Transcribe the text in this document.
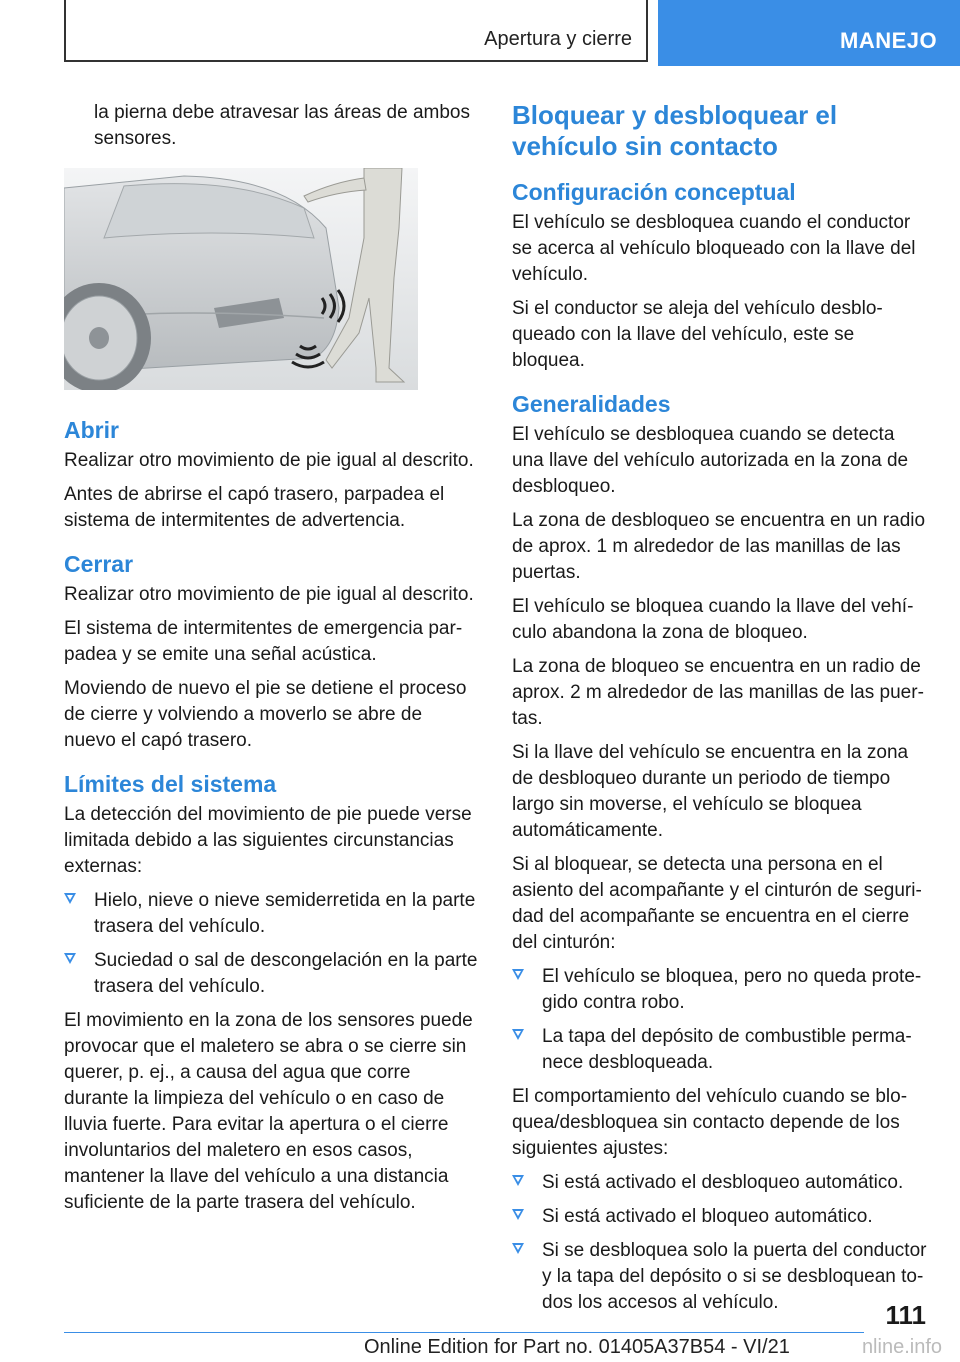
Apertura y cierre	MANEJO

la pierna debe atravesar las áreas de ambos sensores.

Abrir

Realizar otro movimiento de pie igual al descrito.

Antes de abrirse el capó trasero, parpadea el sistema de intermitentes de advertencia.

Cerrar

Realizar otro movimiento de pie igual al descrito.

El sistema de intermitentes de emergencia parpadea y se emite una señal acústica.

Moviendo de nuevo el pie se detiene el proceso de cierre y volviendo a moverlo se abre de nuevo el capó trasero.

Límites del sistema

La detección del movimiento de pie puede verse limitada debido a las siguientes circunstancias externas:

Hielo, nieve o nieve semiderretida en la parte trasera del vehículo.
Suciedad o sal de descongelación en la parte trasera del vehículo.

El movimiento en la zona de los sensores puede provocar que el maletero se abra o se cierre sin querer, p. ej., a causa del agua que corre durante la limpieza del vehículo o en caso de lluvia fuerte. Para evitar la apertura o el cierre involuntarios del maletero en esos casos, mantener la llave del vehículo a una distancia suficiente de la parte trasera del vehículo.

Bloquear y desbloquear el vehículo sin contacto
Configuración conceptual

El vehículo se desbloquea cuando el conductor se acerca al vehículo bloqueado con la llave del vehículo.

Si el conductor se aleja del vehículo desbloqueado con la llave del vehículo, este se bloquea.

Generalidades

El vehículo se desbloquea cuando se detecta una llave del vehículo autorizada en la zona de desbloqueo.

La zona de desbloqueo se encuentra en un radio de aprox. 1 m alrededor de las manillas de las puertas.

El vehículo se bloquea cuando la llave del vehículo abandona la zona de bloqueo.

La zona de bloqueo se encuentra en un radio de aprox. 2 m alrededor de las manillas de las puertas.

Si la llave del vehículo se encuentra en la zona de desbloqueo durante un periodo de tiempo largo sin moverse, el vehículo se bloquea automáticamente.

Si al bloquear, se detecta una persona en el asiento del acompañante y el cinturón de seguridad del acompañante se encuentra en el cierre del cinturón:

El vehículo se bloquea, pero no queda protegido contra robo.
La tapa del depósito de combustible permanece desbloqueada.

El comportamiento del vehículo cuando se bloquea/desbloquea sin contacto depende de los siguientes ajustes:

Si está activado el desbloqueo automático.
Si está activado el bloqueo automático.
Si se desbloquea solo la puerta del conductor y la tapa del depósito o si se desbloquean todos los accesos al vehículo.	111
Online Edition for Part no. 01405A37B54 - VI/21	nline.info
